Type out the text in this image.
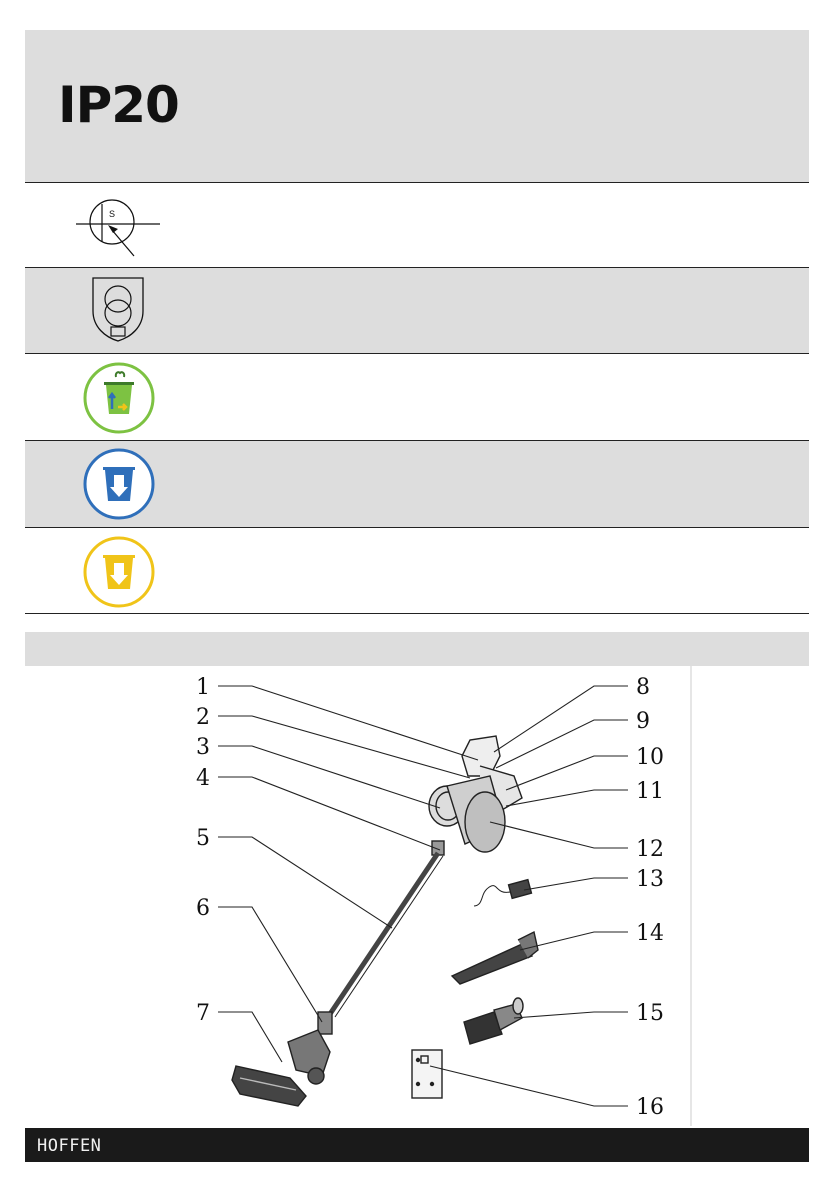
IP20
S
1
2
3
4
5
6
7
8
9
10
11
12
13
14
15
16
HOFFEN
